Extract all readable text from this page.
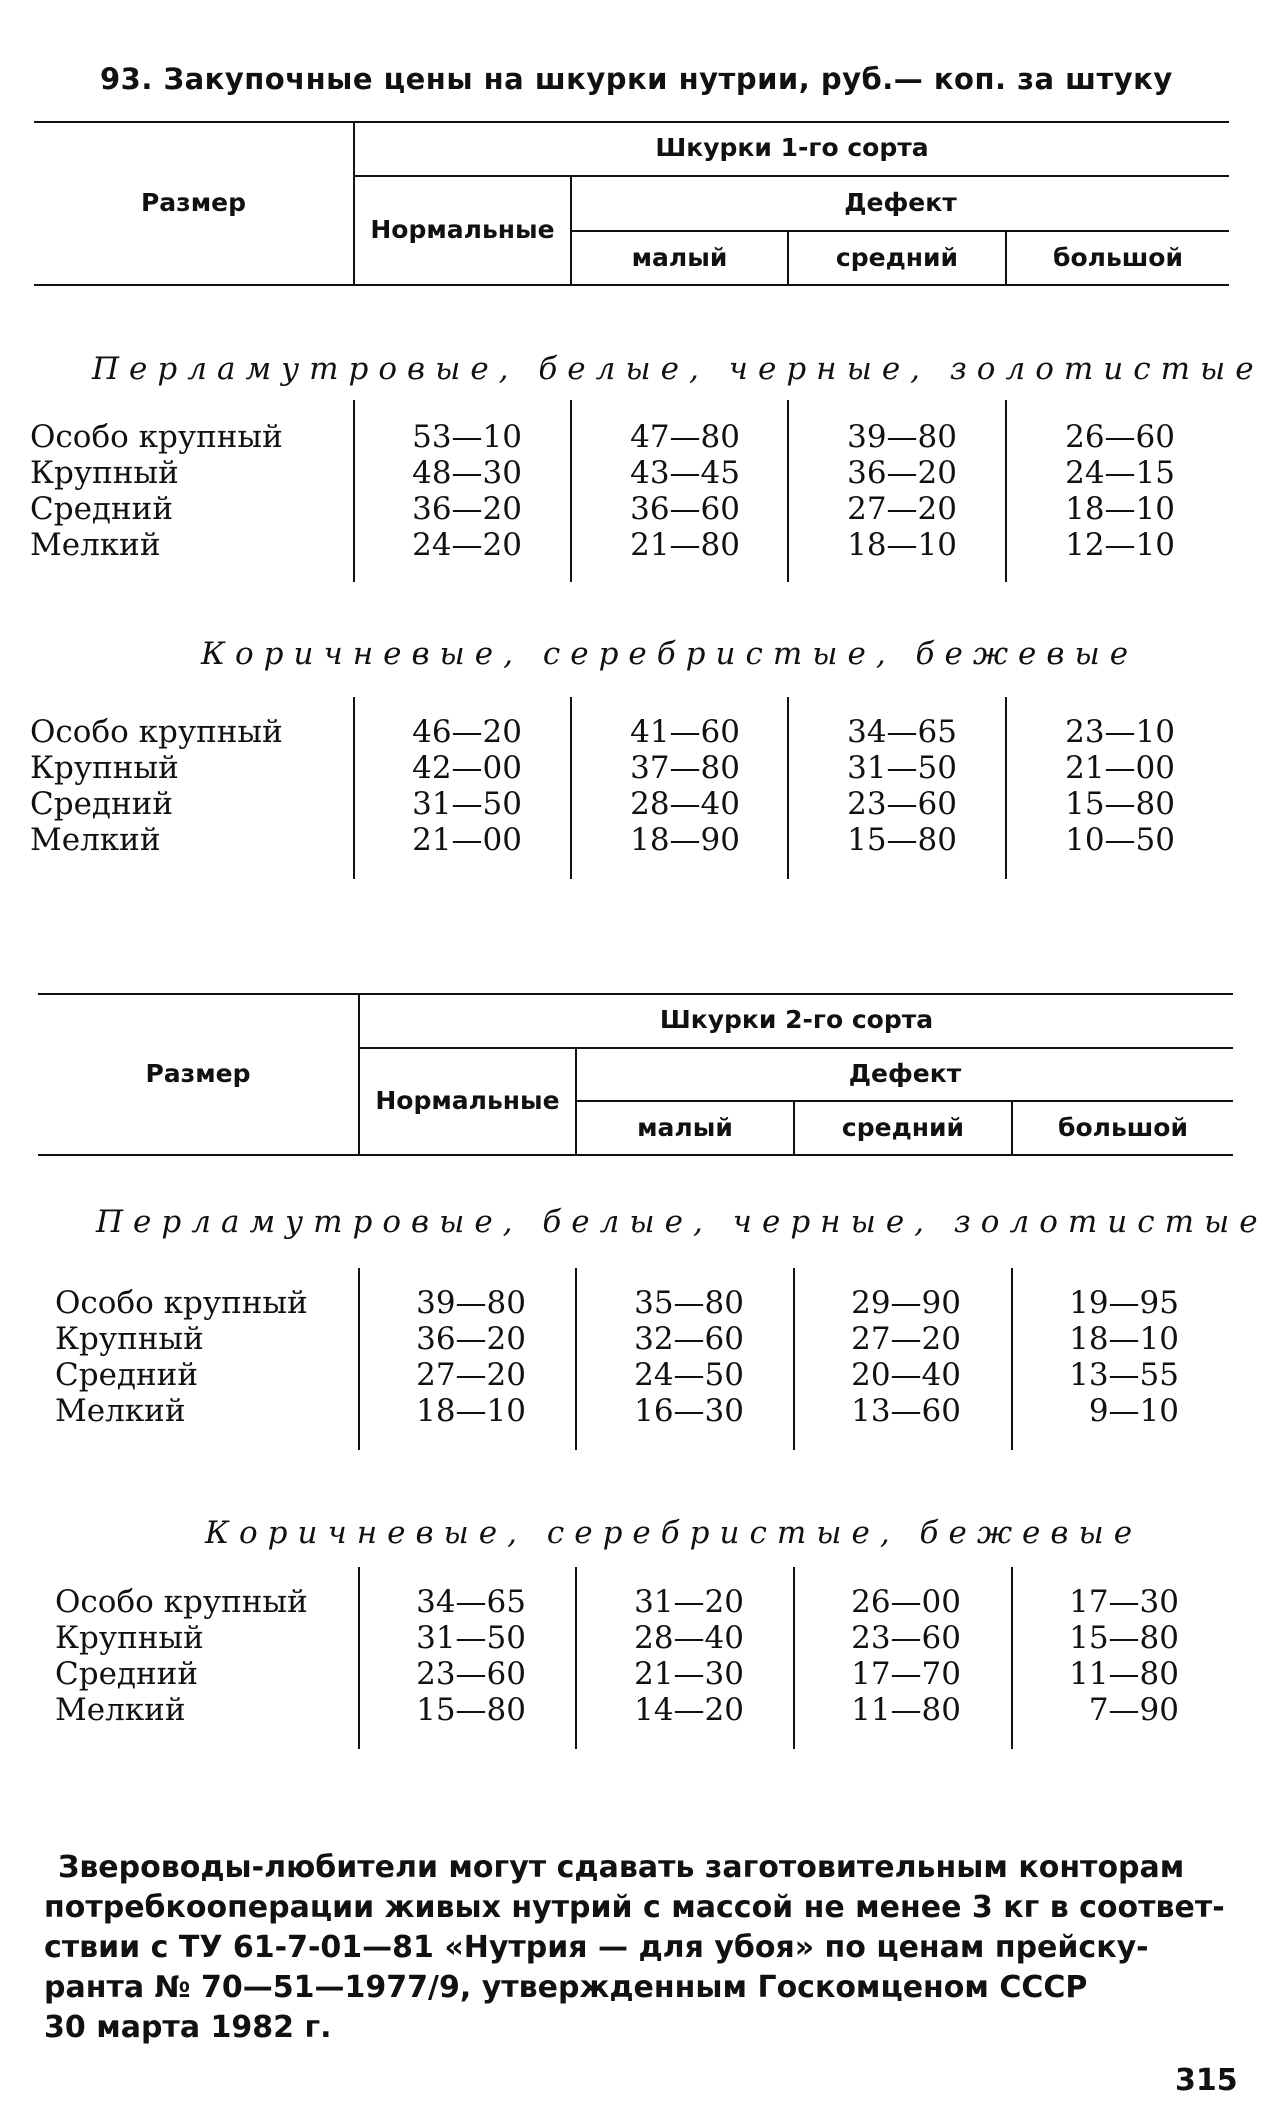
93. Закупочные цены на шкурки нутрии, руб.— коп. за штуку
Размер
Шкурки 1-го сорта
Нормальные
Дефект
малый	средний	большой
Перламутровые, белые, черные, золотистые
Особо крупный	53—10	47—80	39—80	26—60
Крупный	48—30	43—45	36—20	24—15
Средний	36—20	36—60	27—20	18—10
Мелкий	24—20	21—80	18—10	12—10
Коричневые, серебристые, бежевые
Особо крупный	46—20	41—60	34—65	23—10
Крупный	42—00	37—80	31—50	21—00
Средний	31—50	28—40	23—60	15—80
Мелкий	21—00	18—90	15—80	10—50
Размер
Шкурки 2-го сорта
Нормальные
Дефект
малый	средний	большой
Перламутровые, белые, черные, золотистые
Особо крупный	39—80	35—80	29—90	19—95
Крупный	36—20	32—60	27—20	18—10
Средний	27—20	24—50	20—40	13—55
Мелкий	18—10	16—30	13—60	9—10
Коричневые, серебристые, бежевые
Особо крупный	34—65	31—20	26—00	17—30
Крупный	31—50	28—40	23—60	15—80
Средний	23—60	21—30	17—70	11—80
Мелкий	15—80	14—20	11—80	7—90
Звероводы-любители могут сдавать заготовительным конторам
потребкооперации живых нутрий с массой не менее 3 кг в соответ-
ствии с ТУ 61-7-01—81 «Нутрия — для убоя» по ценам прейску-
ранта № 70—51—1977/9, утвержденным Госкомценом СССР
30 марта 1982 г.
315
